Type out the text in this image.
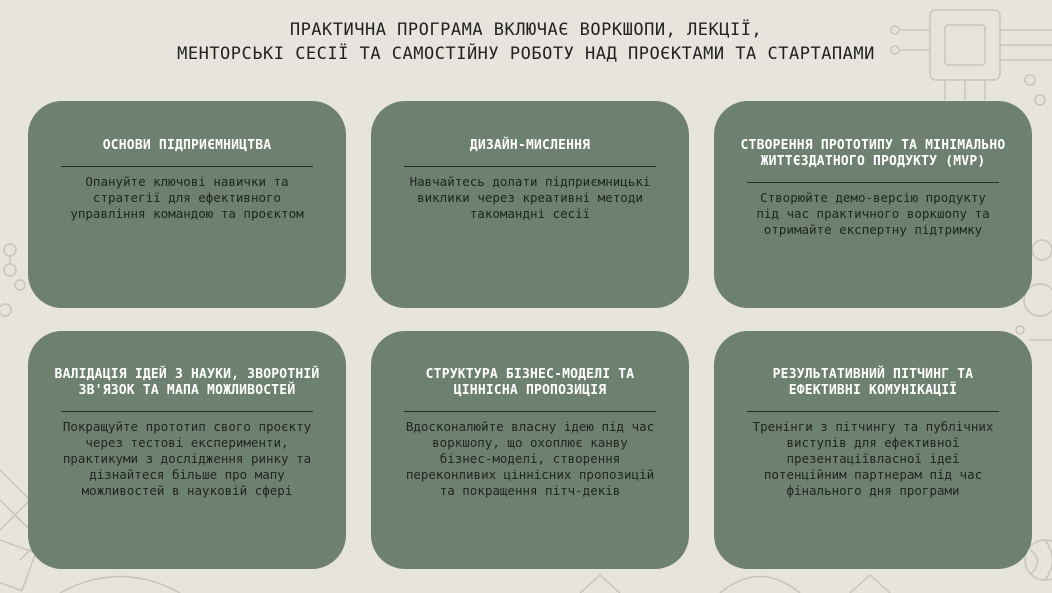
ПРАКТИЧНА ПРОГРАМА ВКЛЮЧАЄ ВОРКШОПИ, ЛЕКЦІЇ,
МЕНТОРСЬКІ СЕСІЇ ТА САМОСТІЙНУ РОБОТУ НАД ПРОЄКТАМИ ТА СТАРТАПАМИ
ОСНОВИ ПІДПРИЄМНИЦТВА

Опануйте ключові навички та стратегії для ефективного управління командою та проєктом

ДИЗАЙН-МИСЛЕННЯ

Навчайтесь долати підприємницькі виклики через креативні методи такомандні сесії

СТВОРЕННЯ ПРОТОТИПУ ТА МІНІМАЛЬНО ЖИТТЄЗДАТНОГО ПРОДУКТУ (MVP)

Створюйте демо-версію продукту під час практичного воркшопу та отримайте експертну підтримку

ВАЛІДАЦІЯ ІДЕЙ З НАУКИ, ЗВОРОТНІЙ ЗВ'ЯЗОК ТА МАПА МОЖЛИВОСТЕЙ

Покращуйте прототип свого проєкту через тестові експерименти, практикуми з дослідження ринку та дізнайтеся більше про мапу можливостей в науковій сфері

СТРУКТУРА БІЗНЕС-МОДЕЛІ ТА ЦІННІСНА ПРОПОЗИЦІЯ

Вдосконалюйте власну ідею під час воркшопу, що охоплює канву бізнес-моделі, створення переконливих ціннісних пропозицій та покращення пітч-деків

РЕЗУЛЬТАТИВНИЙ ПІТЧИНГ ТА ЕФЕКТИВНІ КОМУНІКАЦІЇ

Тренінги з пітчингу та публічних виступів для ефективної презентаціївласної ідеї потенційним партнерам під час фінального дня програми
